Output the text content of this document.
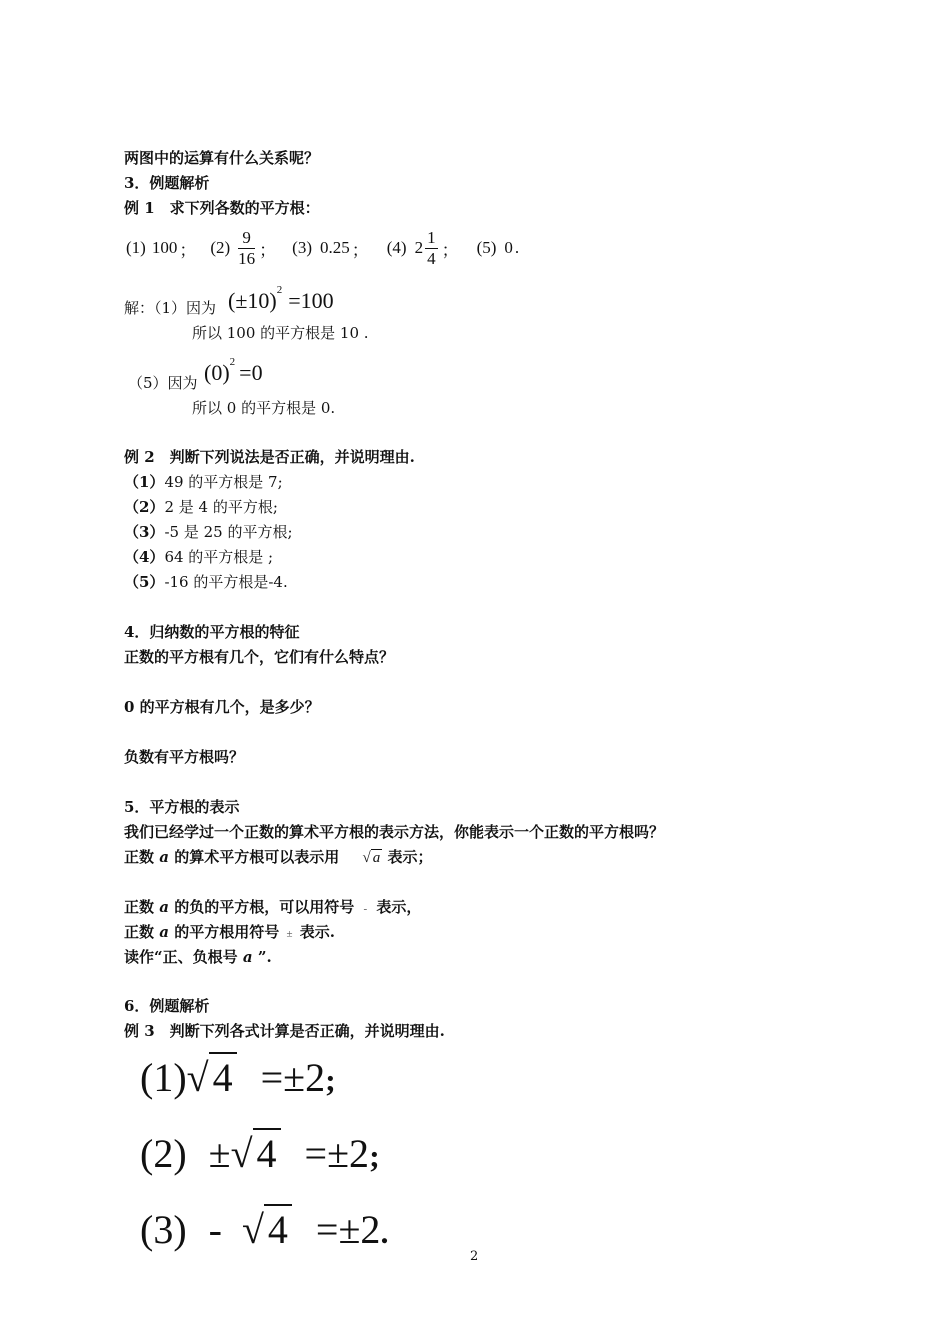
两图中的运算有什么关系呢？
3．例题解析
例 1　求下列各数的平方根：
(1) 100 ； $(2) \frac{9}{16}$ ； (3) 0.25 ； (4) $2 \frac{1}{4}$ ； (5) 0 .
解：（1）因为 $(\pm 10)^2 =100$
所以 100 的平方根是 10 .
（5）因为 $(0)^2 =0$
所以 0 的平方根是 0.
例 2　判断下列说法是否正确，并说明理由.
（1）49 的平方根是 7;
（2）2 是 4 的平方根;
（3）-5 是 25 的平方根;
（4）64 的平方根是 ;
（5）-16 的平方根是-4.
4．归纳数的平方根的特征
正数的平方根有几个，它们有什么特点？
0 的平方根有几个，是多少？
负数有平方根吗？
5．平方根的表示
我们已经学过一个正数的算术平方根的表示方法，你能表示一个正数的平方根吗？
正数 a 的算术平方根可以表示用 √ a 表示；
正数 a 的负的平方根，可以用符号 - 表示，
正数 a 的平方根用符号 ± 表示.
读作“正、负根号 a ”.
6．例题解析
例 3　判断下列各式计算是否正确，并说明理由.
(1)√ 4 =±2;
(2) ±√ 4 =±2;
(3) - √ 4 =±2.
2
